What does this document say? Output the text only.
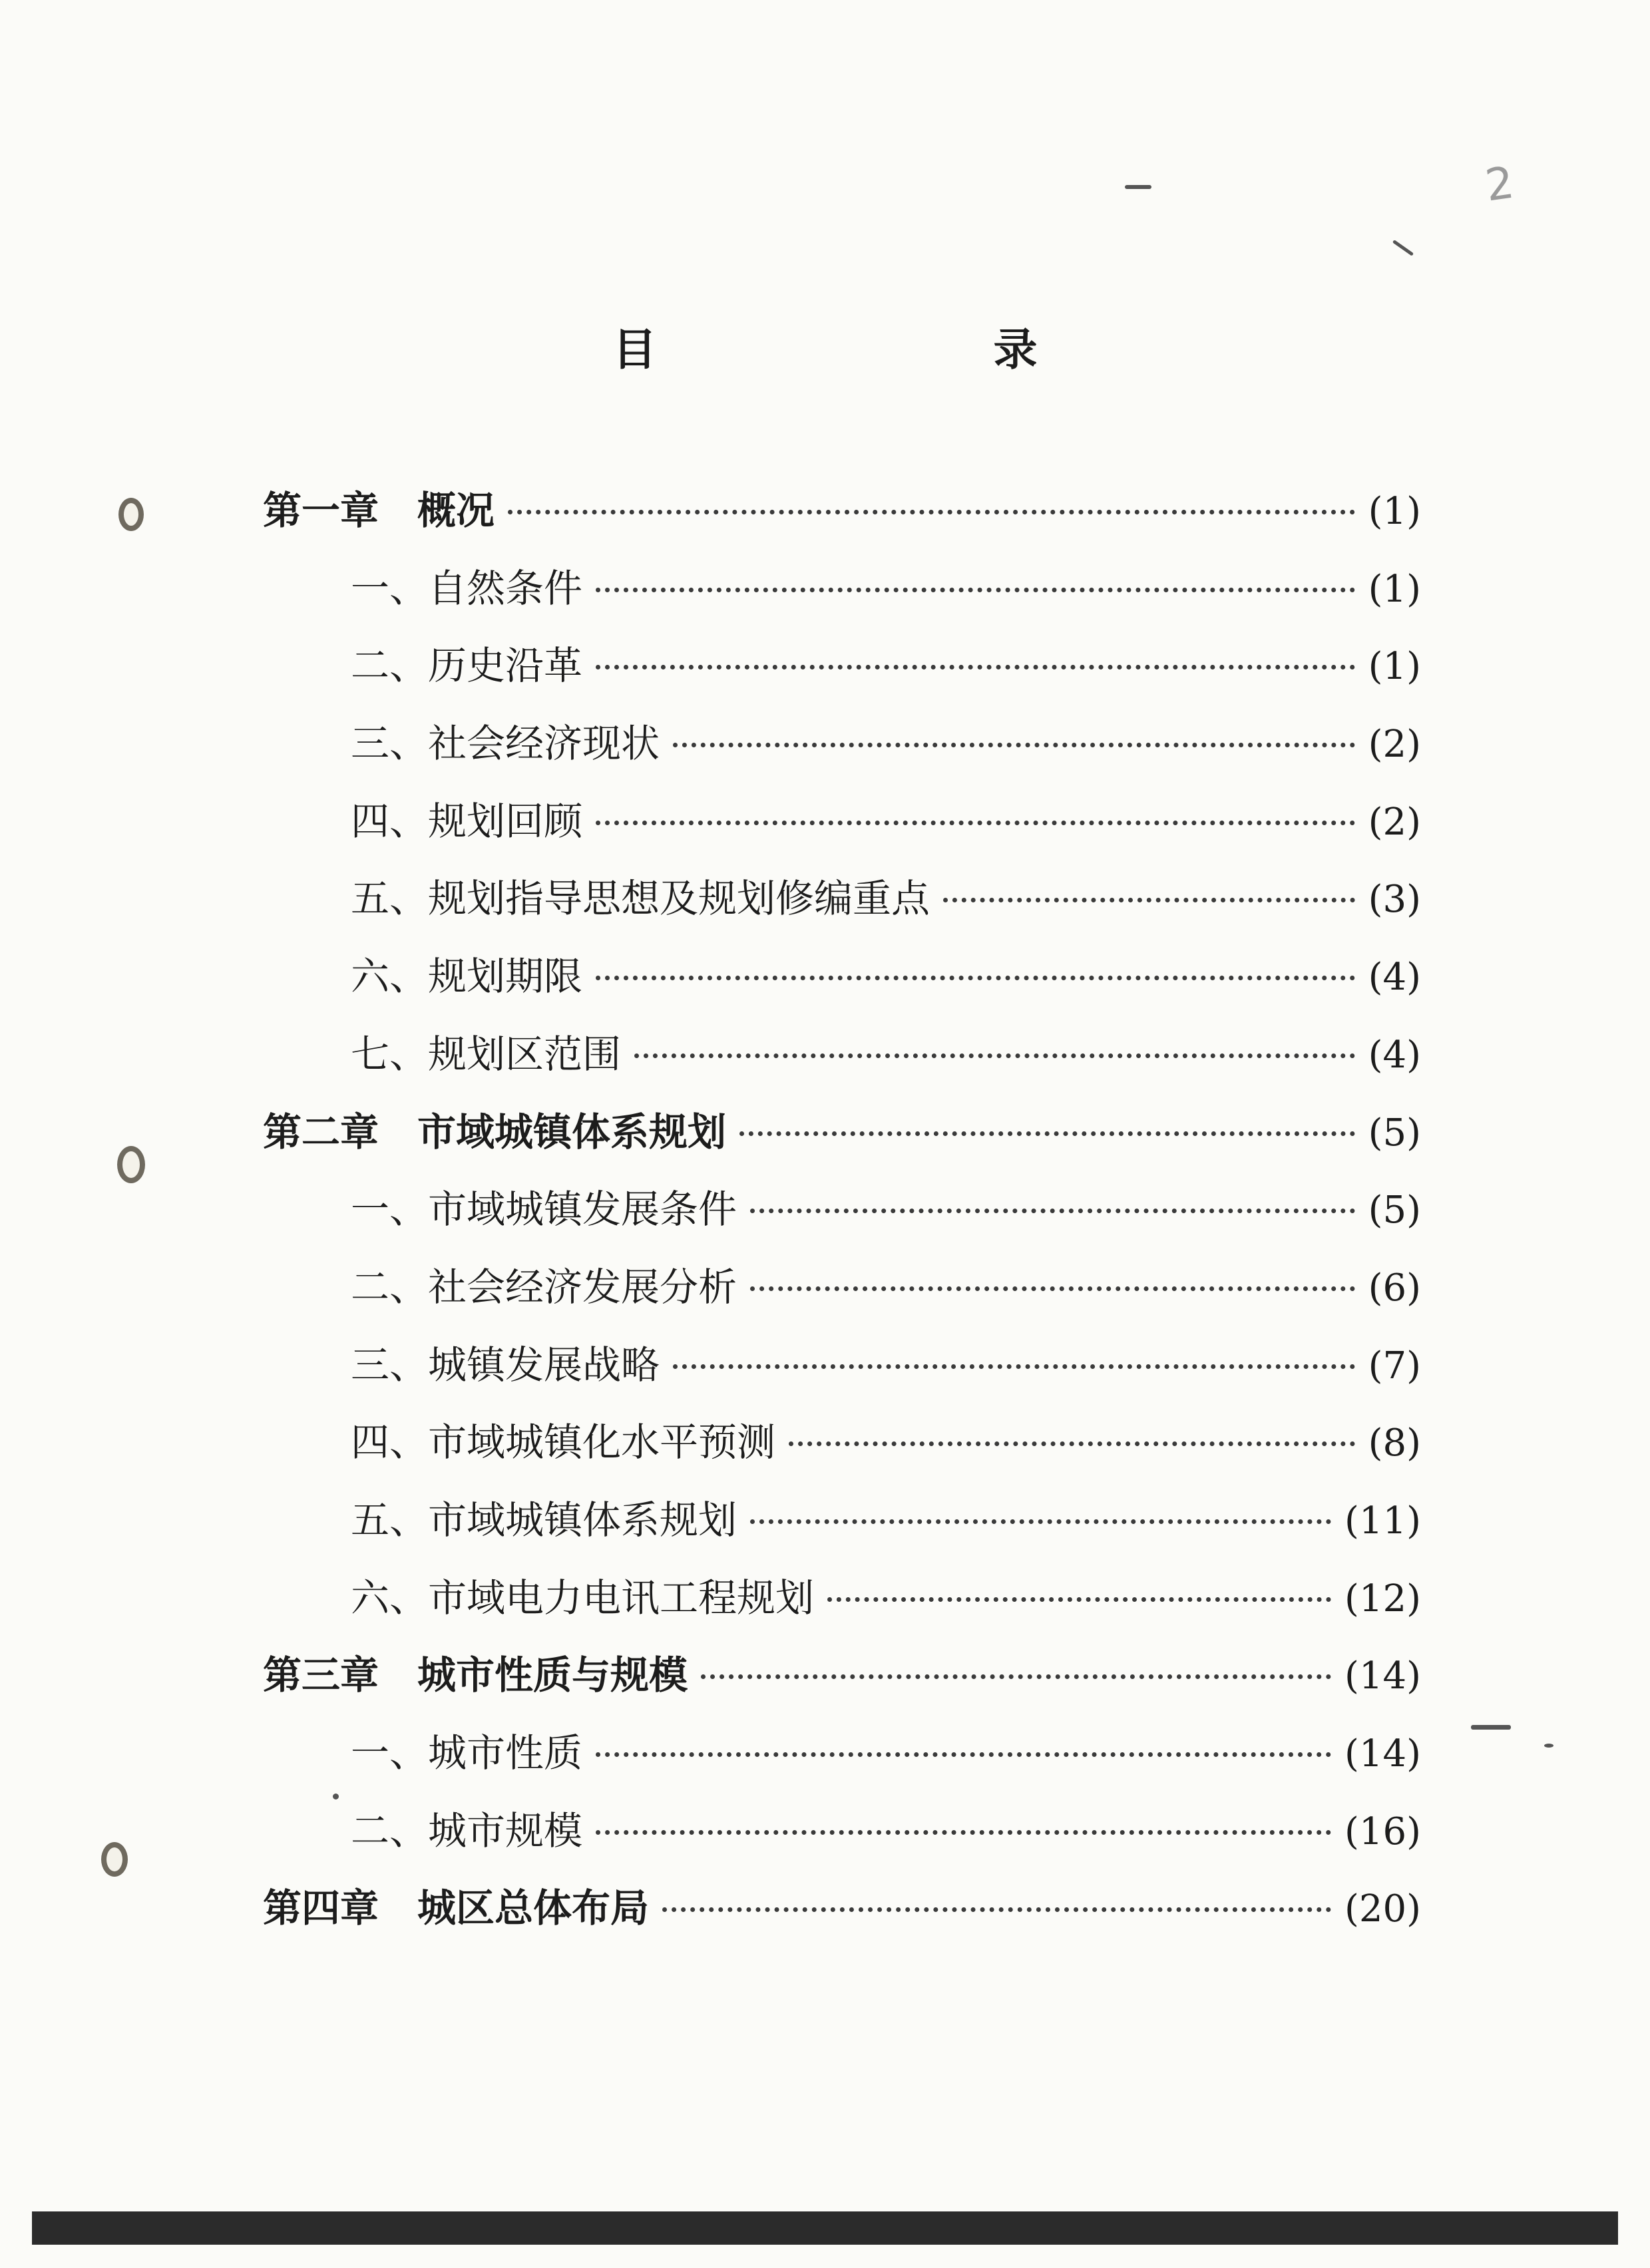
2
目　录
第一章　概况	(1)
一、自然条件	(1)
二、历史沿革	(1)
三、社会经济现状	(2)
四、规划回顾	(2)
五、规划指导思想及规划修编重点	(3)
六、规划期限	(4)
七、规划区范围	(4)
第二章　市域城镇体系规划	(5)
一、市域城镇发展条件	(5)
二、社会经济发展分析	(6)
三、城镇发展战略	(7)
四、市域城镇化水平预测	(8)
五、市域城镇体系规划	(11)
六、市域电力电讯工程规划	(12)
第三章　城市性质与规模	(14)
一、城市性质	(14)
二、城市规模	(16)
第四章　城区总体布局	(20)
